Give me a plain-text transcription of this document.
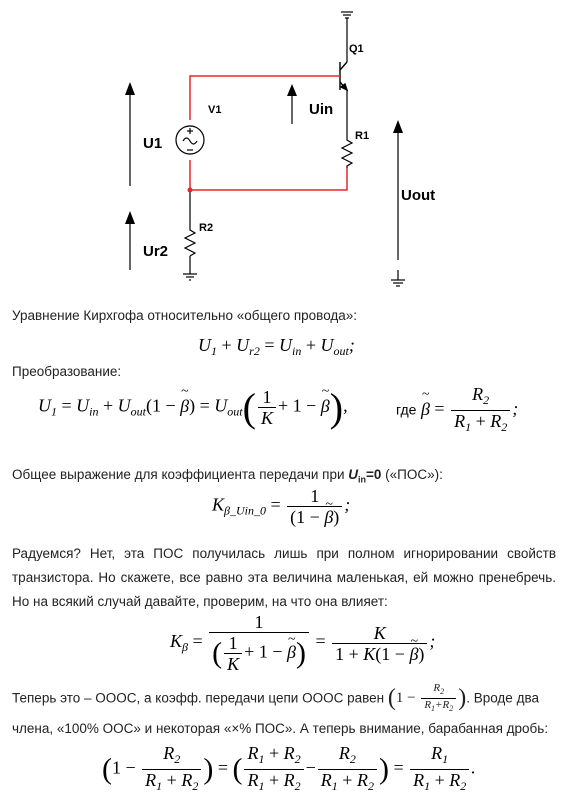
Q1
V1
R1
R2
U1
Uin
Ur2
Uout
Уравнение Кирхгофа относительно «общего провода»:
$U_1 + U_{r2} = U_{in} + U_{out}$;
Преобразование:
$U_1 = U_{in} + U_{out}(1$ − ~ $\beta) = U_{out}( \frac{1}{K} + 1$ − ~ β),	где ~ $\beta = \frac{R_2}{R_1 + R_2}$ ;
Общее выражение для коэффициента передачи при $U_{in}=0$ («ПОС»):
$K_{\beta\_Uin\_0} = \frac{1}{(1 - \sim \beta)}$ ;
Радуемся? Нет, эта ПОС получилась лишь при полном игнорировании свойств транзистора. Но скажете, все равно эта величина маленькая, ей можно пренебречь. Но на всякий случай давайте, проверим, на что она влияет:
$K_\beta = \frac{1}{( \frac{1}{K} + 1 - \sim \beta)} = \frac{K}{1 + K(1 - \sim \beta)}$ ;
Теперь это – ОООС, а коэфф. передачи цепи ОООС равен ($1 - \frac{R_2}{R_1+R_2}$ ). Вроде два
члена, «100% ООС» и некоторая «×% ПОС». А теперь внимание, барабанная дробь:
($1 - \frac{R_2}{R_1 + R_2}$ ) = ( $\frac{R_1 + R_2}{R_1 + R_2} - \frac{R_2}{R_1 + R_2}$ ) = $\frac{R_1}{R_1 + R_2}$ .
